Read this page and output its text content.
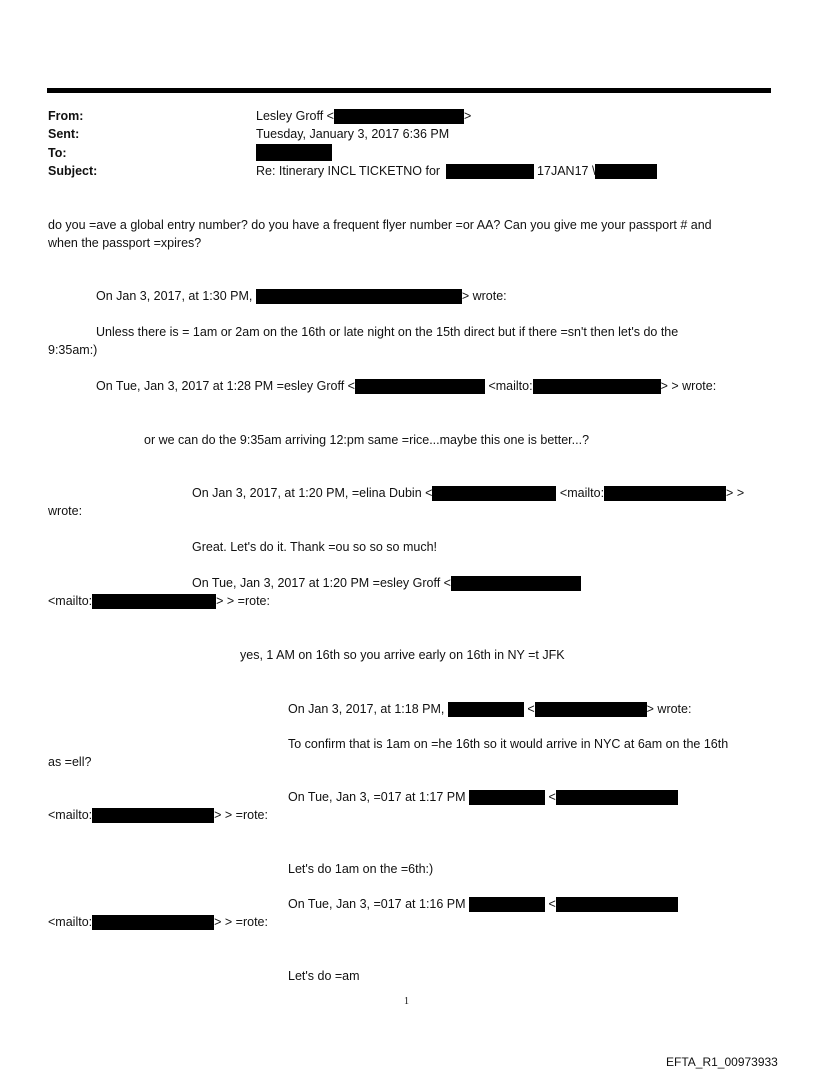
From:	Lesley Groff <	>
Sent:	Tuesday, January 3, 2017 6:36 PM
To:
Subject:	Re: Itinerary INCL TICKETNO for	17JAN17 \
do you =ave a global entry number? do you have a frequent flyer number =or AA? Can you give me your passport # and
when the passport =xpires?
On Jan 3, 2017, at 1:30 PM,	> wrote:
Unless there is = 1am or 2am on the 16th or late night on the 15th direct but if there =sn't then let's do the
9:35am:)
On Tue, Jan 3, 2017 at 1:28 PM =esley Groff <	<mailto:	> > wrote:
or we can do the 9:35am arriving 12:pm same =rice...maybe this one is better...?
On Jan 3, 2017, at 1:20 PM, =elina Dubin <	<mailto:	> >
wrote:
Great. Let's do it. Thank =ou so so so much!
On Tue, Jan 3, 2017 at 1:20 PM =esley Groff <
<mailto:	> > =rote:
yes, 1 AM on 16th so you arrive early on 16th in NY =t JFK
On Jan 3, 2017, at 1:18 PM,	<	> wrote:
To confirm that is 1am on =he 16th so it would arrive in NYC at 6am on the 16th
as =ell?
On Tue, Jan 3, =017 at 1:17 PM	<
<mailto:	> > =rote:
Let's do 1am on the =6th:)
On Tue, Jan 3, =017 at 1:16 PM	<
<mailto:	> > =rote:
Let's do =am
1
EFTA_R1_00973933
